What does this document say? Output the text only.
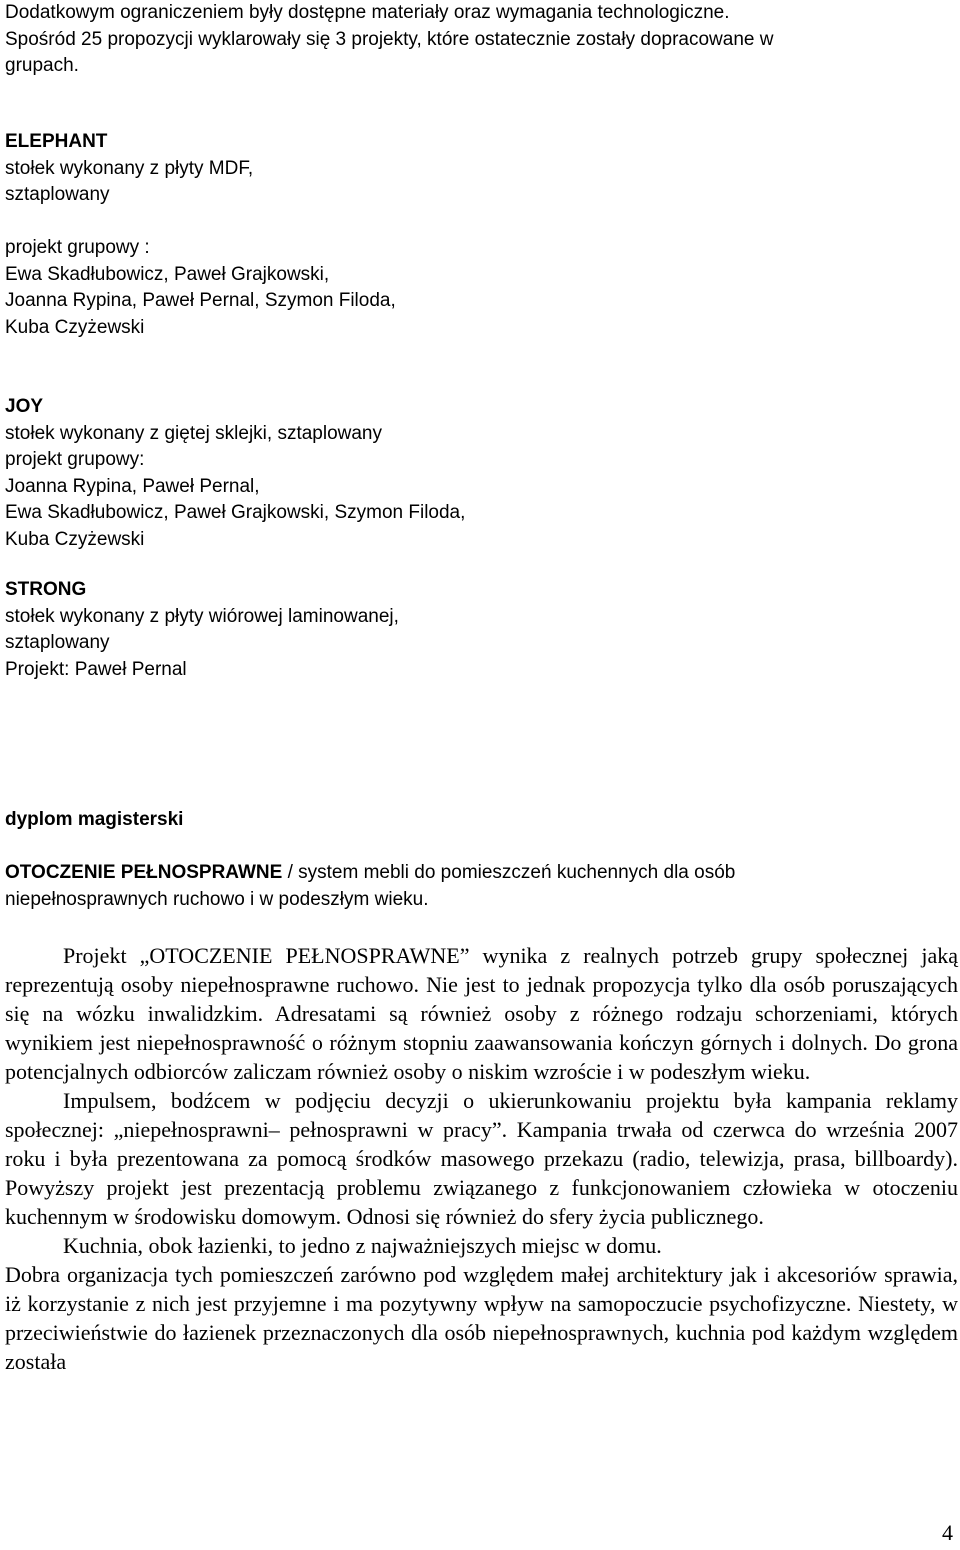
Dodatkowym ograniczeniem były dostępne materiały oraz wymagania technologiczne.
Spośród 25 propozycji wyklarowały się 3 projekty, które ostatecznie zostały dopracowane w
grupach.
ELEPHANT
stołek wykonany z płyty MDF,
sztaplowany
projekt grupowy :
Ewa Skadłubowicz, Paweł Grajkowski,
Joanna Rypina, Paweł Pernal, Szymon Filoda,
Kuba Czyżewski
JOY
stołek wykonany z giętej sklejki, sztaplowany
projekt grupowy:
Joanna Rypina, Paweł Pernal,
Ewa Skadłubowicz, Paweł Grajkowski, Szymon Filoda,
Kuba Czyżewski
STRONG
stołek wykonany z płyty wiórowej laminowanej,
sztaplowany
Projekt: Paweł Pernal
dyplom magisterski
OTOCZENIE PEŁNOSPRAWNE / system mebli do pomieszczeń kuchennych dla osób
niepełnosprawnych ruchowo i w podeszłym wieku.

Projekt „OTOCZENIE PEŁNOSPRAWNE” wynika z realnych potrzeb grupy społecznej jaką reprezentują osoby niepełnosprawne ruchowo. Nie jest to jednak propozycja tylko dla osób poruszających się na wózku inwalidzkim. Adresatami są również osoby z różnego rodzaju schorzeniami, których wynikiem jest niepełnosprawność o różnym stopniu zaawansowania kończyn górnych i dolnych. Do grona potencjalnych odbiorców zaliczam również osoby o niskim wzroście i w podeszłym wieku.

Impulsem, bodźcem w podjęciu decyzji o ukierunkowaniu projektu była kampania reklamy społecznej: „niepełnosprawni– pełnosprawni w pracy”. Kampania trwała od czerwca do września 2007 roku i była prezentowana za pomocą środków masowego przekazu (radio, telewizja, prasa, billboardy). Powyższy projekt jest prezentacją problemu związanego z funkcjonowaniem człowieka w otoczeniu kuchennym w środowisku domowym. Odnosi się również do sfery życia publicznego.

Kuchnia, obok łazienki, to jedno z najważniejszych miejsc w domu.

Dobra organizacja tych pomieszczeń zarówno pod względem małej architektury jak i akcesoriów sprawia, iż korzystanie z nich jest przyjemne i ma pozytywny wpływ na samopoczucie psychofizyczne. Niestety, w przeciwieństwie do łazienek przeznaczonych dla osób niepełnosprawnych, kuchnia pod każdym względem została

4
